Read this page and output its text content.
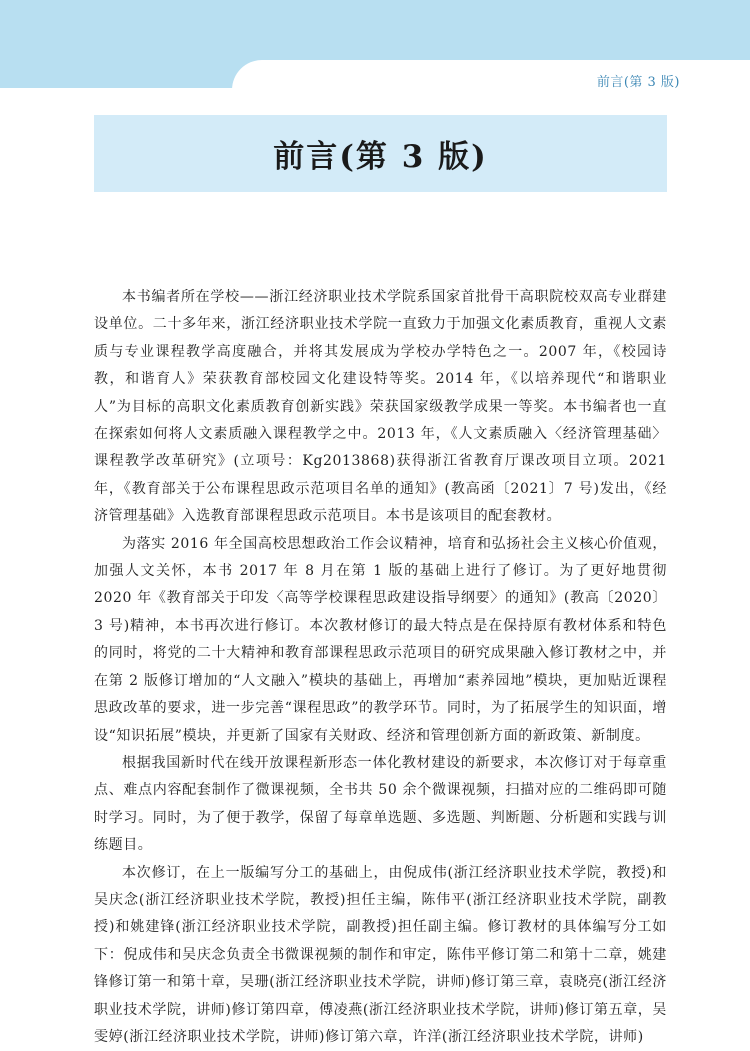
前言(第 3 版)
前言(第 3 版)

本书编者所在学校——浙江经济职业技术学院系国家首批骨干高职院校双高专业群建设单位。二十多年来，浙江经济职业技术学院一直致力于加强文化素质教育，重视人文素质与专业课程教学高度融合，并将其发展成为学校办学特色之一。2007 年，《校园诗教，和谐育人》荣获教育部校园文化建设特等奖。2014 年，《以培养现代“和谐职业人”为目标的高职文化素质教育创新实践》荣获国家级教学成果一等奖。本书编者也一直在探索如何将人文素质融入课程教学之中。2013 年，《人文素质融入〈经济管理基础〉课程教学改革研究》(立项号：Kg2013868)获得浙江省教育厅课改项目立项。2021 年，《教育部关于公布课程思政示范项目名单的通知》(教高函〔2021〕7 号)发出，《经济管理基础》入选教育部课程思政示范项目。本书是该项目的配套教材。

为落实 2016 年全国高校思想政治工作会议精神，培育和弘扬社会主义核心价值观，加强人文关怀，本书 2017 年 8 月在第 1 版的基础上进行了修订。为了更好地贯彻 2020 年《教育部关于印发〈高等学校课程思政建设指导纲要〉的通知》(教高〔2020〕3 号)精神，本书再次进行修订。本次教材修订的最大特点是在保持原有教材体系和特色的同时，将党的二十大精神和教育部课程思政示范项目的研究成果融入修订教材之中，并在第 2 版修订增加的“人文融入”模块的基础上，再增加“素养园地”模块，更加贴近课程思政改革的要求，进一步完善“课程思政”的教学环节。同时，为了拓展学生的知识面，增设“知识拓展”模块，并更新了国家有关财政、经济和管理创新方面的新政策、新制度。

根据我国新时代在线开放课程新形态一体化教材建设的新要求，本次修订对于每章重点、难点内容配套制作了微课视频，全书共 50 余个微课视频，扫描对应的二维码即可随时学习。同时，为了便于教学，保留了每章单选题、多选题、判断题、分析题和实践与训练题目。

本次修订，在上一版编写分工的基础上，由倪成伟(浙江经济职业技术学院，教授)和吴庆念(浙江经济职业技术学院，教授)担任主编，陈伟平(浙江经济职业技术学院，副教授)和姚建锋(浙江经济职业技术学院，副教授)担任副主编。修订教材的具体编写分工如下：倪成伟和吴庆念负责全书微课视频的制作和审定，陈伟平修订第二和第十二章，姚建锋修订第一和第十章，吴珊(浙江经济职业技术学院，讲师)修订第三章，袁晓亮(浙江经济职业技术学院，讲师)修订第四章，傅凌燕(浙江经济职业技术学院，讲师)修订第五章，吴雯婷(浙江经济职业技术学院，讲师)修订第六章，许洋(浙江经济职业技术学院，讲师)
